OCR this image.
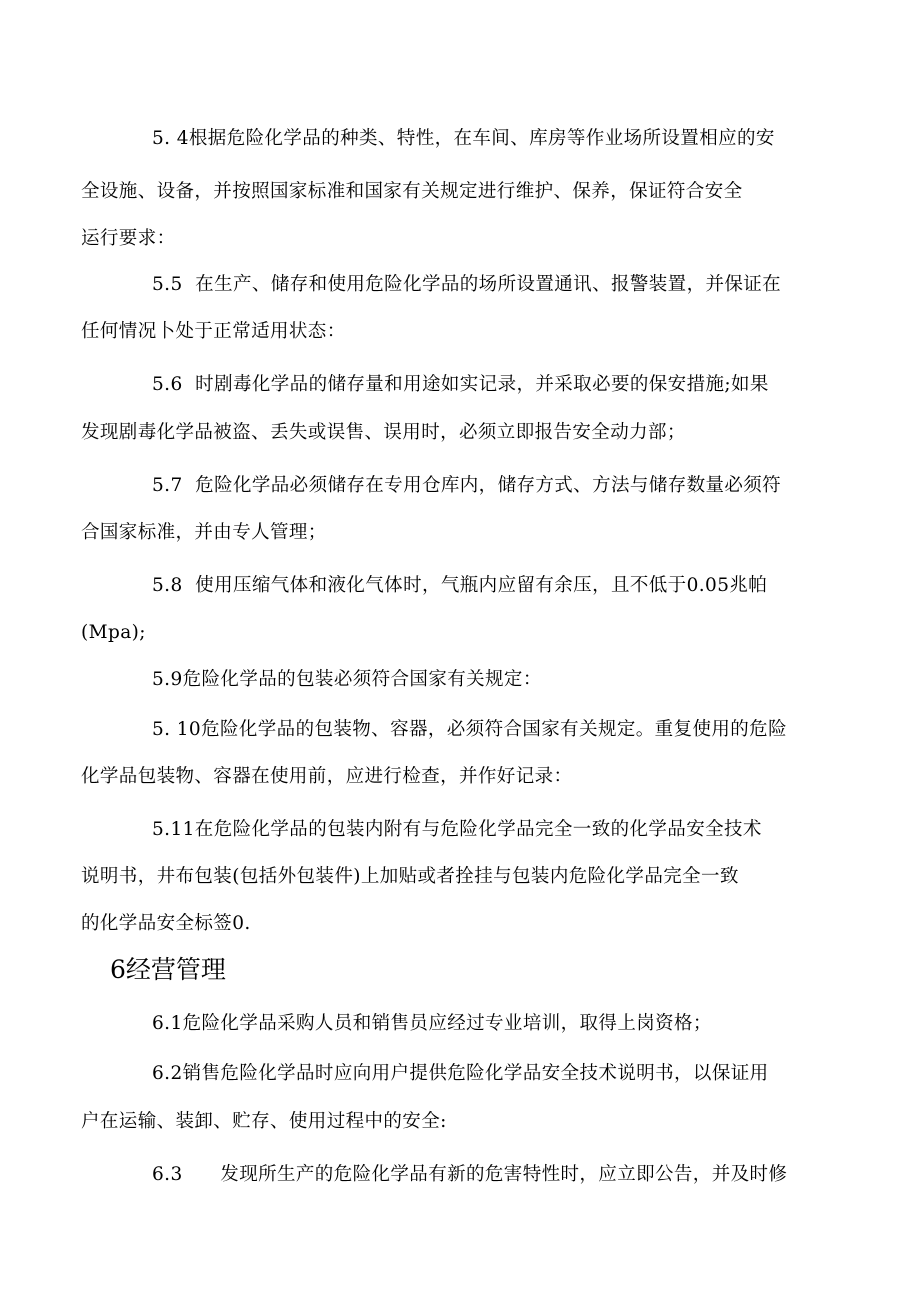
5. 4根据危险化学品的种类、特性，在车间、库房等作业场所设置相应的安
全设施、设备，并按照国家标准和国家有关规定进行维护、保养，保证符合安全
运行要求：
5.5  在生产、储存和使用危险化学品的场所设置通讯、报警装置，并保证在
任何情况卜处于正常适用状态：
5.6  时剧毒化学品的储存量和用途如实记录，并采取必要的保安措施;如果
发现剧毒化学品被盗、丢失或误售、误用时，必须立即报告安全动力部；
5.7  危险化学品必须储存在专用仓库内，储存方式、方法与储存数量必须符
合国家标准，并由专人管理；
5.8  使用压缩气体和液化气体时，气瓶内应留有余压，且不低于0.05兆帕
(Mpa);
5.9危险化学品的包装必须符合国家有关规定：
5. 10危险化学品的包装物、容器，必须符合国家有关规定。重复使用的危险
化学品包装物、容器在使用前，应进行检查，并作好记录：
5.11在危险化学品的包装内附有与危险化学品完全一致的化学品安全技术
说明书，井布包装(包括外包装件)上加贴或者拴挂与包装内危险化学品完全一致
的化学品安全标签0.
6经营管理
6.1危险化学品采购人员和销售员应经过专业培训，取得上岗资格；
6.2销售危险化学品时应向用户提供危险化学品安全技术说明书，以保证用
户在运输、装卸、贮存、使用过程中的安全:
6.3      发现所生产的危险化学品有新的危害特性时，应立即公告，并及时修
